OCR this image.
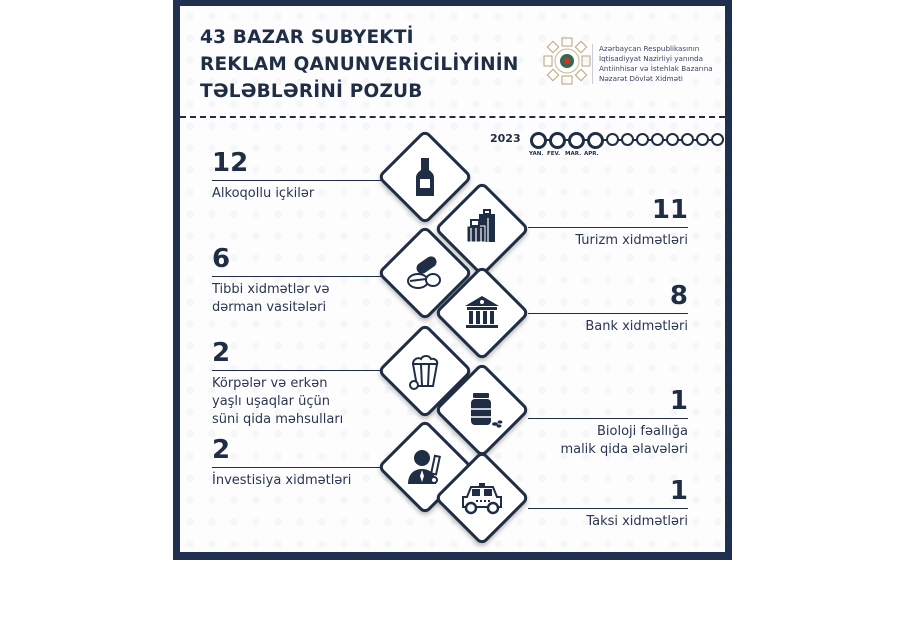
43 BAZAR SUBYEKTİ
REKLAM QANUNVERİCİLİYİNİN
TƏLƏBLƏRİNİ POZUB
Azərbaycan Respublikasının
İqtisadiyyat Nazirliyi yanında
Antiinhisar və İstehlak Bazarına
Nəzarət Dövlət Xidməti
2023
YAN. FEV. MAR. APR.
12
Alkoqollu içkilər
6
Tibbi xidmətlər və
dərman vasitələri
2
Körpələr və erkən
yaşlı uşaqlar üçün
süni qida məhsulları
2
İnvestisiya xidmətləri
11
Turizm xidmətləri
8
Bank xidmətləri
1
Bioloji fəallığa
malik qida əlavələri
1
Taksi xidmətləri
